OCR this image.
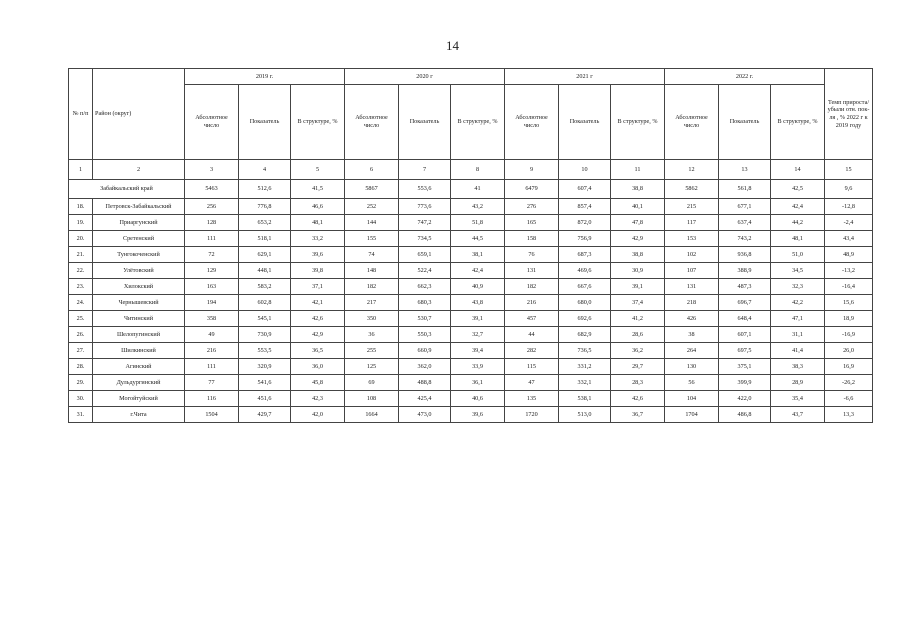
14
№ п/п	Район (округ)	2019 г.			2020 г			2021 г			2022 г.			Темп прироста/ убыли отн. пок-ля , % 2022 г к 2019 году
		Абсолютное число	Показатель	В структуре, %	Абсолютное число	Показатель	В структуре, %	Абсолютное число	Показатель	В структуре, %	Абсолютное число	Показатель	В структуре, %	
1	2	3	4	5	6	7	8	9	10	11	12	13	14	15
Забайкальский край		5463	512,6	41,5	5867	553,6	41	6479	607,4	38,8	5862	561,8	42,5	9,6
18.	Петровск-Забайкальский	256	776,8	46,6	252	773,6	43,2	276	857,4	40,1	215	677,1	42,4	-12,8
19.	Приаргунский	128	653,2	48,1	144	747,2	51,8	165	872,0	47,8	117	637,4	44,2	-2,4
20.	Сретенский	111	518,1	33,2	155	734,5	44,5	158	756,9	42,9	153	743,2	48,1	43,4
21.	Тунгокоченский	72	629,1	39,6	74	659,1	38,1	76	687,3	38,8	102	936,8	51,0	48,9
22.	Улётовский	129	448,1	39,8	148	522,4	42,4	131	469,6	30,9	107	388,9	34,5	-13,2
23.	Хилокский	163	583,2	37,1	182	662,3	40,9	182	667,6	39,1	131	487,3	32,3	-16,4
24.	Чернышевский	194	602,8	42,1	217	680,3	43,8	216	680,0	37,4	218	696,7	42,2	15,6
25.	Читинский	358	545,1	42,6	350	530,7	39,1	457	692,6	41,2	426	648,4	47,1	18,9
26.	Шелопугинский	49	730,9	42,9	36	550,3	32,7	44	682,9	28,6	38	607,1	31,1	-16,9
27.	Шилкинский	216	553,5	36,5	255	660,9	39,4	282	736,5	36,2	264	697,5	41,4	26,0
28.	Агинский	111	320,9	36,0	125	362,0	33,9	115	331,2	29,7	130	375,1	38,3	16,9
29.	Дульдургинский	77	541,6	45,8	69	488,8	36,1	47	332,1	28,3	56	399,9	28,9	-26,2
30.	Могойтуйский	116	451,6	42,3	108	425,4	40,6	135	538,1	42,6	104	422,0	35,4	-6,6
31.	г.Чита	1504	429,7	42,0	1664	473,0	39,6	1720	513,0	36,7	1704	486,8	43,7	13,3
